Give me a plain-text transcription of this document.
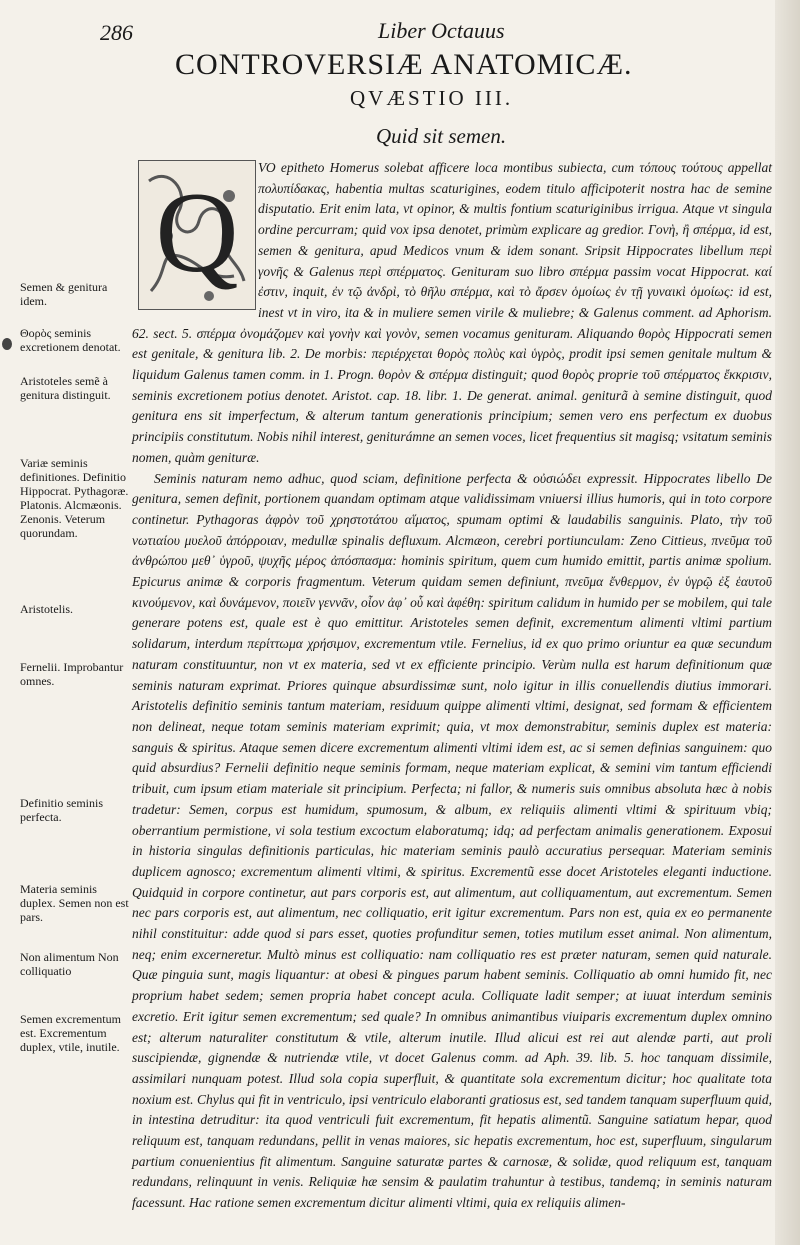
286	Liber Octauus
CONTROVERSIÆ ANATOMICÆ.
QVÆSTIO III.
Quid sit semen.
Semen & genitura idem.
Θορὸς seminis excretionem denotat.
Aristoteles semẽ à genitura distinguit.
Variæ seminis definitiones. Definitio Hippocrat. Pythagoræ. Platonis. Alcmæonis. Zenonis. Veterum quorundam.
Aristotelis.
Fernelii. Improbantur omnes.
Definitio seminis perfecta.
Materia seminis duplex. Semen non est pars.
Non alimentum Non colliquatio
Semen excrementum est. Excrementum duplex, vtile, inutile.
Q

VO epitheto Homerus solebat afficere loca montibus subiecta, cum τόπους τούτους appellat πολυπίδακας, habentia multas scaturigines, eodem titulo afficipoterit nostra hac de semine disputatio. Erit enim lata, vt opinor, & multis fontium scaturiginibus irrigua. Atque vt singula ordine percurram; quid vox ipsa denotet, primùm explicare ag gredior. Γονὴ, ἢ σπέρμα, id est, semen & genitura, apud Medicos vnum & idem sonant. Sripsit Hippocrates libellum περὶ γονῆς & Galenus περὶ σπέρματος. Genituram suo libro σπέρμα passim vocat Hippocrat. καί ἐστιν, inquit, ἐν τῷ ἀνδρὶ, τὸ θῆλυ σπέρμα, καὶ τὸ ἄρσεν ὁμοίως ἐν τῇ γυναικὶ ὁμοίως: id est, inest vt in viro, ita & in muliere semen virile & muliebre; & Galenus comment. ad Aphorism. 62. sect. 5. σπέρμα ὀνομάζομεν καὶ γονὴν καὶ γονὸν, semen vocamus genituram. Aliquando θορὸς Hippocrati semen est genitale, & genitura lib. 2. De morbis: περιέρχεται θορὸς πολὺς καὶ ὑγρὸς, prodit ipsi semen genitale multum & liquidum Galenus tamen comm. in 1. Progn. θορὸν & σπέρμα distinguit; quod θορὸς proprie τοῦ σπέρματος ἔκκρισιν, seminis excretionem potius denotet. Aristot. cap. 18. libr. 1. De generat. animal. geniturã à semine distinguit, quod genitura ens sit imperfectum, & alterum tantum generationis principium; semen vero ens perfectum ex duobus principiis constitutum. Nobis nihil interest, geniturámne an semen voces, licet frequentius sit magisq; vsitatum seminis nomen, quàm genituræ.

Seminis naturam nemo adhuc, quod sciam, definitione perfecta & οὐσιώδει expressit. Hippocrates libello De genitura, semen definit, portionem quandam optimam atque validissimam vniuersi illius humoris, qui in toto corpore continetur. Pythagoras ἀφρὸν τοῦ χρηστοτάτου αἵματος, spumam optimi & laudabilis sanguinis. Plato, τὴν τοῦ νωτιαίου μυελοῦ ἀπόρροιαν, medullæ spinalis defluxum. Alcmæon, cerebri portiunculam: Zeno Cittieus, πνεῦμα τοῦ ἀνθρώπου μεθ᾽ ὑγροῦ, ψυχῆς μέρος ἀπόσπασμα: hominis spiritum, quem cum humido emittit, partis animæ spolium. Epicurus animæ & corporis fragmentum. Veterum quidam semen definiunt, πνεῦμα ἔνθερμον, ἐν ὑγρῷ ἐξ ἑαυτοῦ κινούμενον, καὶ δυνάμενον, ποιεῖν γεννᾶν, οἷον ἀφ᾽ οὗ καὶ ἀφέθη: spiritum calidum in humido per se mobilem, qui tale generare potens est, quale est è quo emittitur. Aristoteles semen definit, excrementum alimenti vltimi partium solidarum, interdum περίττωμα χρήσιμον, excrementum vtile. Fernelius, id ex quo primo oriuntur ea quæ secundum naturam constituuntur, non vt ex materia, sed vt ex efficiente principio. Verùm nulla est harum definitionum quæ seminis naturam exprimat. Priores quinque absurdissimæ sunt, nolo igitur in illis conuellendis diutius immorari. Aristotelis definitio seminis tantum materiam, residuum quippe alimenti vltimi, designat, sed formam & efficientem non delineat, neque totam seminis materiam exprimit; quia, vt mox demonstrabitur, seminis duplex est materia: sanguis & spiritus. Ataque semen dicere excrementum alimenti vltimi idem est, ac si semen definias sanguinem: quo quid absurdius? Fernelii definitio neque seminis formam, neque materiam explicat, & semini vim tantum efficiendi tribuit, cum ipsum etiam materiale sit principium. Perfecta; ni fallor, & numeris suis omnibus absoluta hæc à nobis tradetur: Semen, corpus est humidum, spumosum, & album, ex reliquiis alimenti vltimi & spirituum vbiq; oberrantium permistione, vi sola testium excoctum elaboratumq; idq; ad perfectam animalis generationem. Exposui in historia singulas definitionis particulas, hic materiam seminis paulò accuratius persequar. Materiam seminis duplicem agnosco; excrementum alimenti vltimi, & spiritus. Excrementũ esse docet Aristoteles eleganti inductione. Quidquid in corpore continetur, aut pars corporis est, aut alimentum, aut colliquamentum, aut excrementum. Semen nec pars corporis est, aut alimentum, nec colliquatio, erit igitur excrementum. Pars non est, quia ex eo permanente nihil constituitur: adde quod si pars esset, quoties profunditur semen, toties mutilum esset animal. Non alimentum, neq; enim excerneretur. Multò minus est colliquatio: nam colliquatio res est præter naturam, semen quid naturale. Quæ pinguia sunt, magis liquantur: at obesi & pingues parum habent seminis. Colliquatio ab omni humido fit, nec proprium habet sedem; semen propria habet concept acula. Colliquate ladit semper; at iuuat interdum seminis excretio. Erit igitur semen excrementum; sed quale? In omnibus animantibus viuiparis excrementum duplex omnino est; alterum naturaliter constitutum & vtile, alterum inutile. Illud alicui est rei aut alendæ parti, aut proli suscipiendæ, gignendæ & nutriendæ vtile, vt docet Galenus comm. ad Aph. 39. lib. 5. hoc tanquam dissimile, assimilari nunquam potest. Illud sola copia superfluit, & quantitate sola excrementum dicitur; hoc qualitate tota noxium est. Chylus qui fit in ventriculo, ipsi ventriculo elaboranti gratiosus est, sed tandem tanquam superfluum quid, in intestina detruditur: ita quod ventriculi fuit excrementum, fit hepatis alimentũ. Sanguine satiatum hepar, quod reliquum est, tanquam redundans, pellit in venas maiores, sic hepatis excrementum, hoc est, superfluum, singularum partium conuenientius fit alimentum. Sanguine saturatæ partes & carnosæ, & solidæ, quod reliquum est, tanquam redundans, relinquunt in venis. Reliquiæ hæ sensim & paulatim trahuntur à testibus, tandemq; in seminis naturam facessunt. Hac ratione semen excrementum dicitur alimenti vltimi, quia ex reliquiis alimen-
